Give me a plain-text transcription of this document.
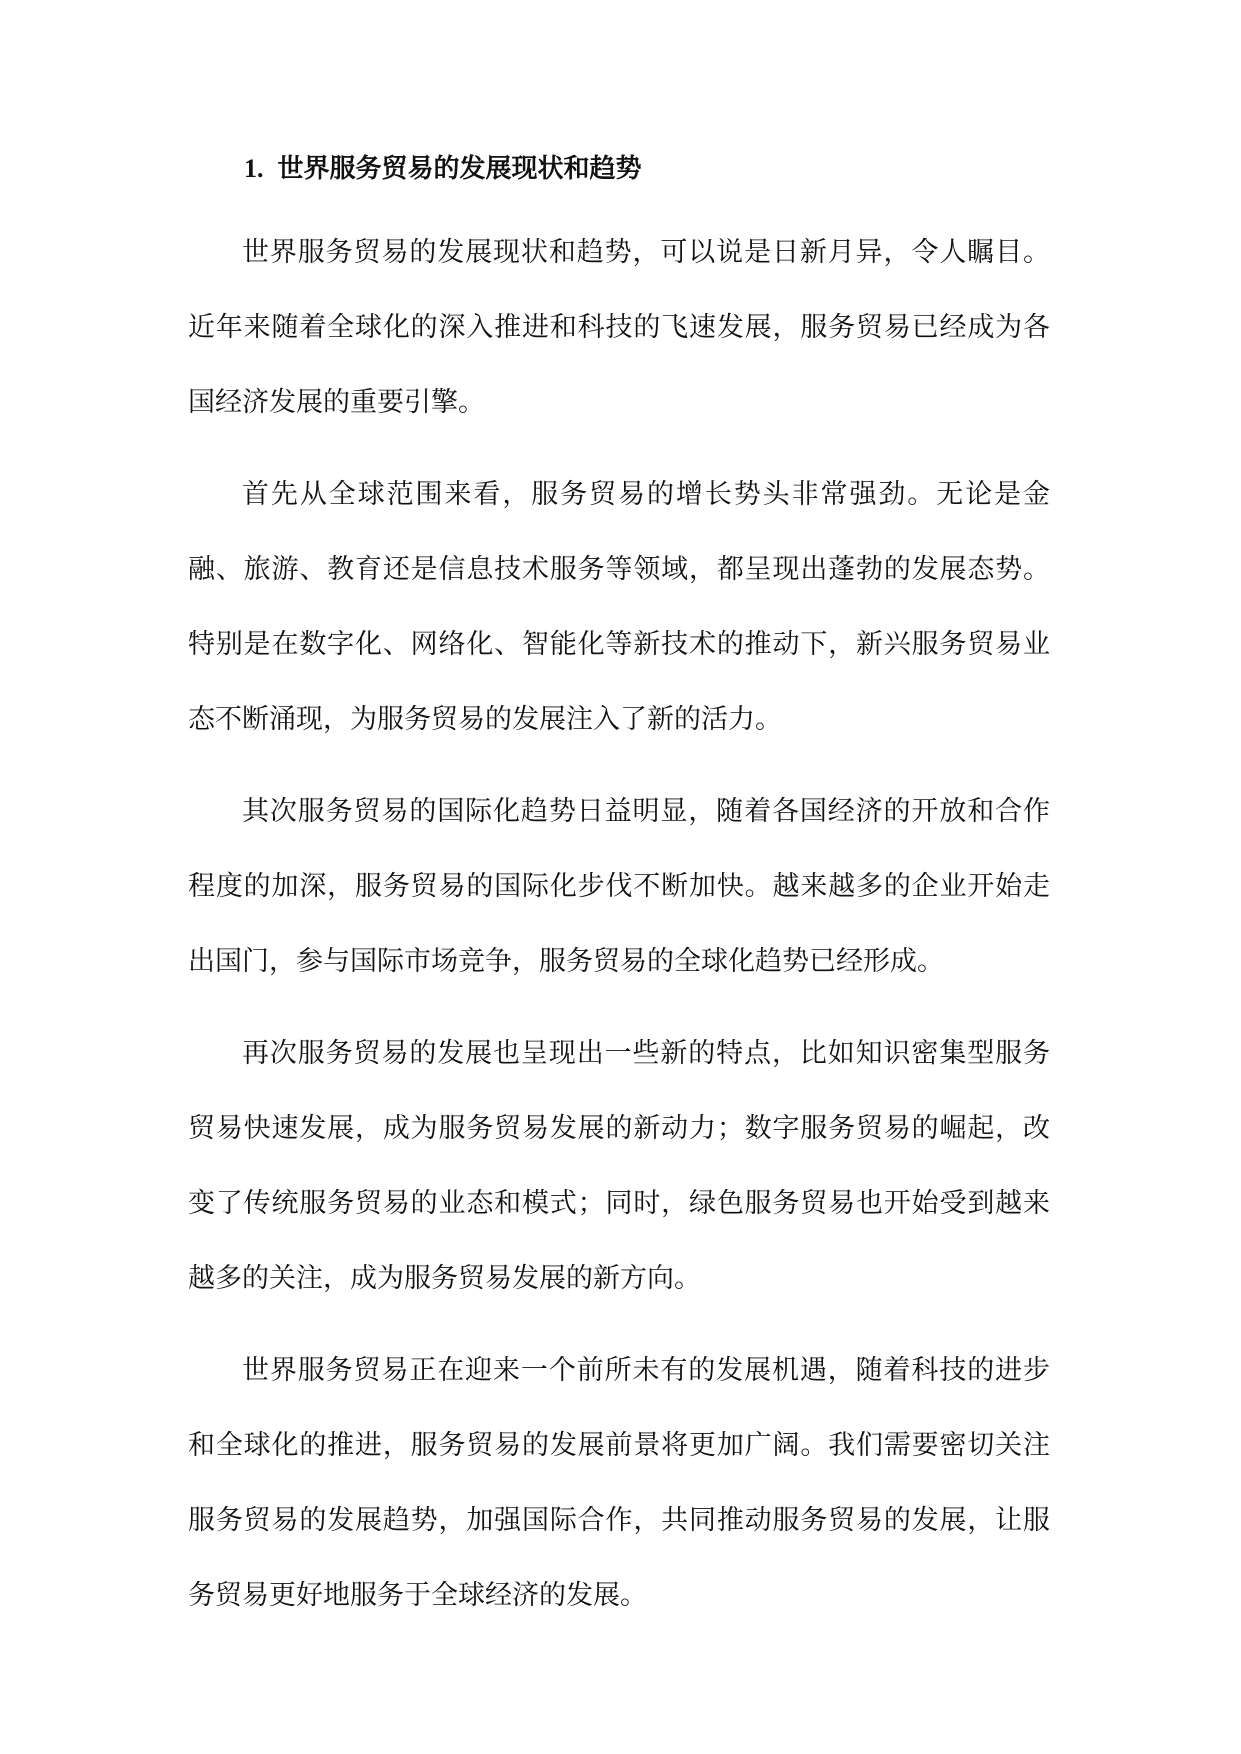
1. 世界服务贸易的发展现状和趋势

世界服务贸易的发展现状和趋势，可以说是日新月异，令人瞩目。近年来随着全球化的深入推进和科技的飞速发展，服务贸易已经成为各国经济发展的重要引擎。

首先从全球范围来看，服务贸易的增长势头非常强劲。无论是金融、旅游、教育还是信息技术服务等领域，都呈现出蓬勃的发展态势。特别是在数字化、网络化、智能化等新技术的推动下，新兴服务贸易业态不断涌现，为服务贸易的发展注入了新的活力。

其次服务贸易的国际化趋势日益明显，随着各国经济的开放和合作程度的加深，服务贸易的国际化步伐不断加快。越来越多的企业开始走出国门，参与国际市场竞争，服务贸易的全球化趋势已经形成。

再次服务贸易的发展也呈现出一些新的特点，比如知识密集型服务贸易快速发展，成为服务贸易发展的新动力；数字服务贸易的崛起，改变了传统服务贸易的业态和模式；同时，绿色服务贸易也开始受到越来越多的关注，成为服务贸易发展的新方向。

世界服务贸易正在迎来一个前所未有的发展机遇，随着科技的进步和全球化的推进，服务贸易的发展前景将更加广阔。我们需要密切关注服务贸易的发展趋势，加强国际合作，共同推动服务贸易的发展，让服务贸易更好地服务于全球经济的发展。
